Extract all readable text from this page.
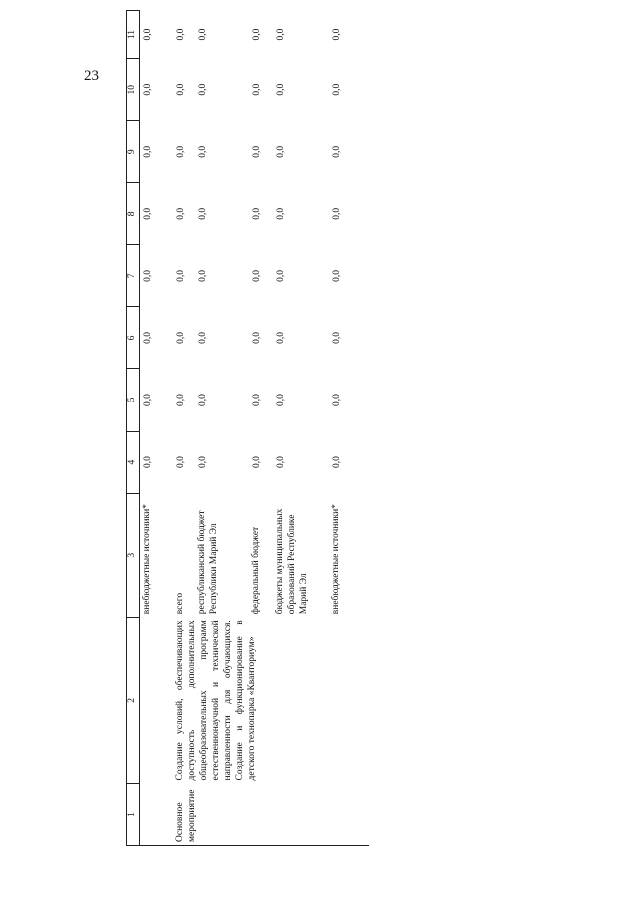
23
1	2	3	4	5	6	7	8	9	10	11
		внебюджетные источники*	0,0	0,0	0,0	0,0	0,0	0,0	0,0	0,0
Основное мероприятие	Создание условий, обеспечивающих доступность дополнительных общеобразовательных программ естественнонаучной и технической направленности для обучающихся. Создание и функционирование в детского технопарка «Кванториум»	всего	0,0	0,0	0,0	0,0	0,0	0,0	0,0	0,0
		республиканский бюджет Республики Марий Эл	0,0	0,0	0,0	0,0	0,0	0,0	0,0	0,0
		федеральный бюджет	0,0	0,0	0,0	0,0	0,0	0,0	0,0	0,0
		бюджеты муниципальных образований Республике Марий Эл	0,0	0,0	0,0	0,0	0,0	0,0	0,0	0,0
		внебюджетные источники*	0,0	0,0	0,0	0,0	0,0	0,0	0,0	0,0
